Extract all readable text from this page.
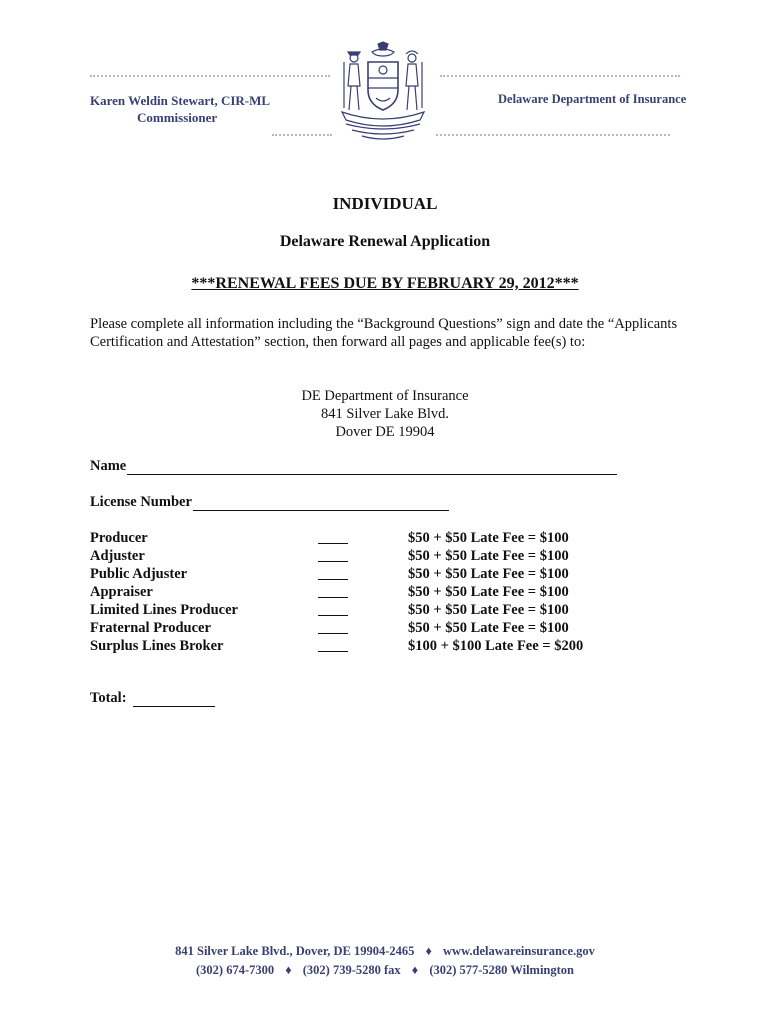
Karen Weldin Stewart, CIR-ML
Commissioner
Delaware Department of Insurance
INDIVIDUAL
Delaware Renewal Application
***RENEWAL FEES DUE BY FEBRUARY 29, 2012***
Please complete all information including the “Background Questions” sign and date the “Applicants Certification and Attestation” section, then forward all pages and applicable fee(s) to:
DE Department of Insurance
841 Silver Lake Blvd.
Dover DE 19904
Name
License Number
Producer	$50 + $50 Late Fee = $100
Adjuster	$50 + $50 Late Fee = $100
Public Adjuster	$50 + $50 Late Fee = $100
Appraiser	$50 + $50 Late Fee = $100
Limited Lines Producer	$50 + $50 Late Fee = $100
Fraternal Producer	$50 + $50 Late Fee = $100
Surplus Lines Broker	$100 + $100 Late Fee = $200
Total:
841 Silver Lake Blvd., Dover, DE 19904-2465 ♦ www.delawareinsurance.gov
(302) 674-7300 ♦ (302) 739-5280 fax ♦ (302) 577-5280 Wilmington
